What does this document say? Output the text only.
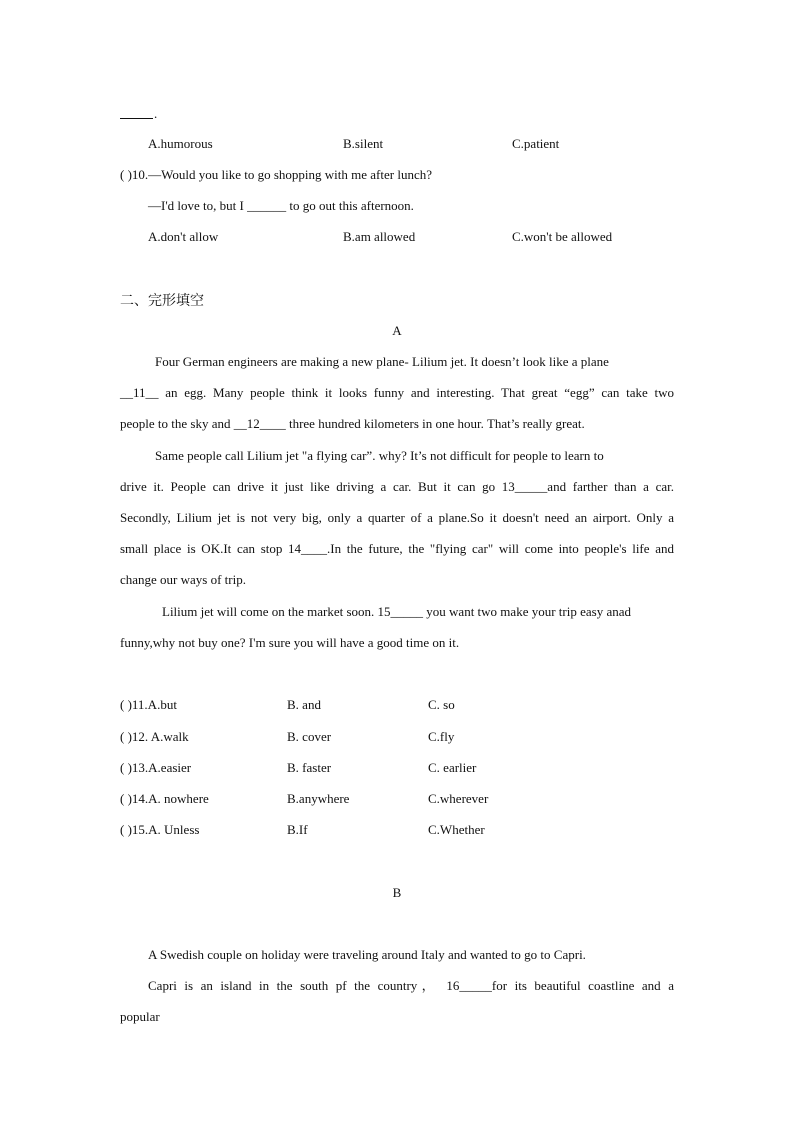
.
A.humorous	B.silent	C.patient
( )10.—Would you like to go shopping with me after lunch?
—I'd love to, but I ______ to go out this afternoon.
A.don't allow	B.am allowed	C.won't be allowed
二、完形填空
A
Four German engineers are making a new plane- Lilium jet. It doesn’t look like a plane
__11__ an egg. Many people think it looks funny and interesting. That great “egg” can take two
people to the sky and __12____ three hundred kilometers in one hour. That’s really great.
Same people call Lilium jet "a flying car”. why? It’s not difficult for people to learn to
drive it. People can drive it just like driving a car. But it can go 13_____and farther than a car.
Secondly, Lilium jet is not very big, only a quarter of a plane.So it doesn't need an airport. Only a
small place is OK.It can stop 14____.In the future, the "flying car" will come into people's life and
change our ways of trip.
Lilium jet will come on the market soon. 15_____ you want two make your trip easy anad
funny,why not buy one? I'm sure you will have a good time on it.
( )11.A.but	B. and	C. so
( )12. A.walk	B. cover	C.fly
( )13.A.easier	B. faster	C. earlier
( )14.A. nowhere	B.anywhere	C.wherever
( )15.A. Unless	B.If	C.Whether
B
A Swedish couple on holiday were traveling around Italy and wanted to go to Capri.
Capri is an island in the south pf the country， 16_____for its beautiful coastline and a
popular
